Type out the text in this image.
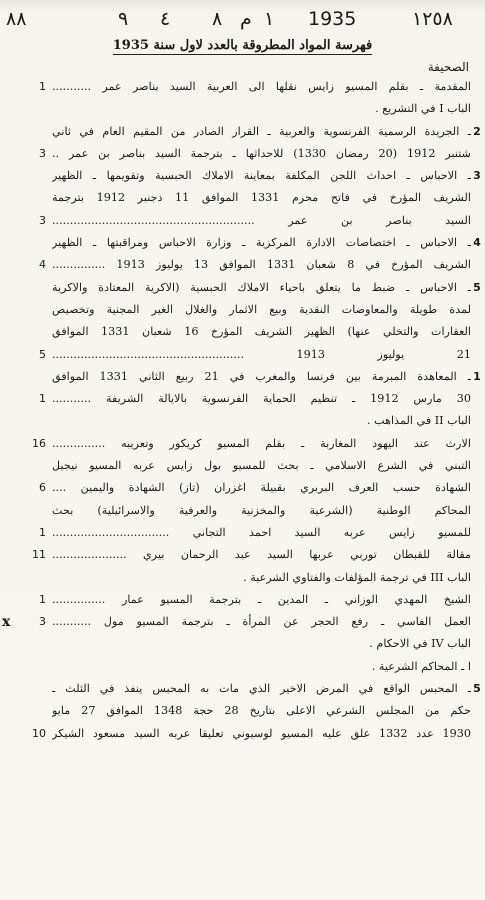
٨٨	٩ ٤ ٨ م ١ 1935	١٢٥٨
فهرسة المواد المطروقة بالعدد لاول سنة 1935
الصحيفة
المقدمة ـ بقلم المسيو زايس نقلها الى العربية السيد بناصر عمر ...........
1
الباب I في التشريع .
2
ـ الجريدة الرسمية الفرنسوية والعربية ـ القرار الصادر من المقيم العام في ثاني
شتنبر 1912 (20 رمضان 1330) للاحداثها ـ بترجمة السيد بناصر بن عمر ..
3
3
ـ الاحباس ـ احداث اللجن المكلفة بمعاينة الاملاك الحبسية وتقويمها ـ الظهير
الشريف المؤرخ في فاتح محرم 1331 الموافق 11 دجنبر 1912 بترجمة
السيد بناصر بن عمر .........................................................
3
4
ـ الاحباس ـ اختصاصات الادارة المركزية ـ وزارة الاحباس ومراقبتها ـ الظهير
الشريف المؤرخ في 8 شعبان 1331 الموافق 13 يوليوز 1913 ...............
4
5
ـ الاحباس ـ ضبط ما يتعلق باحياء الاملاك الحبسية (الاكرية المعتادة والاكرية
لمدة طويلة والمعاوضات النقدية وبيع الاثمار والغلال الغير المجنية وتخصيص
العقارات والتخلي عنها) الظهير الشريف المؤرخ 16 شعبان 1331 الموافق
21 يوليوز 1913 ......................................................
5
1
ـ المعاهدة المبرمة بين فرنسا والمغرب في 21 ربيع الثاني 1331 الموافق
30 مارس 1912 ـ تنظيم الحماية الفرنسوية بالايالة الشريفة ...........
1
الباب II في المذاهب .
الارث عند اليهود المغاربة ـ بقلم المسيو كريكور وتعريبه ...............
16
التبني في الشرع الاسلامي ـ بحث للمسيو بول زايس عربه المسيو نيجيل
الشهادة حسب العرف البربري بقبيلة اغزران (تاز) الشهادة واليمين ....
6
المحاكم الوطنية (الشرعية والمخزنية والعرفية والاسرائيلية) بحث
للمسيو زايس عربه السيد احمد التجاني .................................
1
مقالة للقبطان توربي عربها السيد عبد الرحمان بيري .....................
11
الباب III في ترجمة المؤلفات والفتاوي الشرعية .
الشيخ المهدي الوزاني ـ المدين ـ بترجمة المسيو عمار ...............
1
العمل الفاسي ـ رفع الحجر عن المرأة ـ بترجمة المسيو مول ...........
3
x
الباب IV في الاحكام .
ا ـ المحاكم الشرعية .
5
ـ المحبس الواقع في المرض الاخير الذي مات به المحبس ينفذ في الثلث ـ
حكم من المجلس الشرعي الاعلى بتاريخ 28 حجة 1348 الموافق 27 مايو
1930 عدد 1332 علق عليه المسيو لوسيوني تعليقا عربه السيد مسعود الشيكر
10
